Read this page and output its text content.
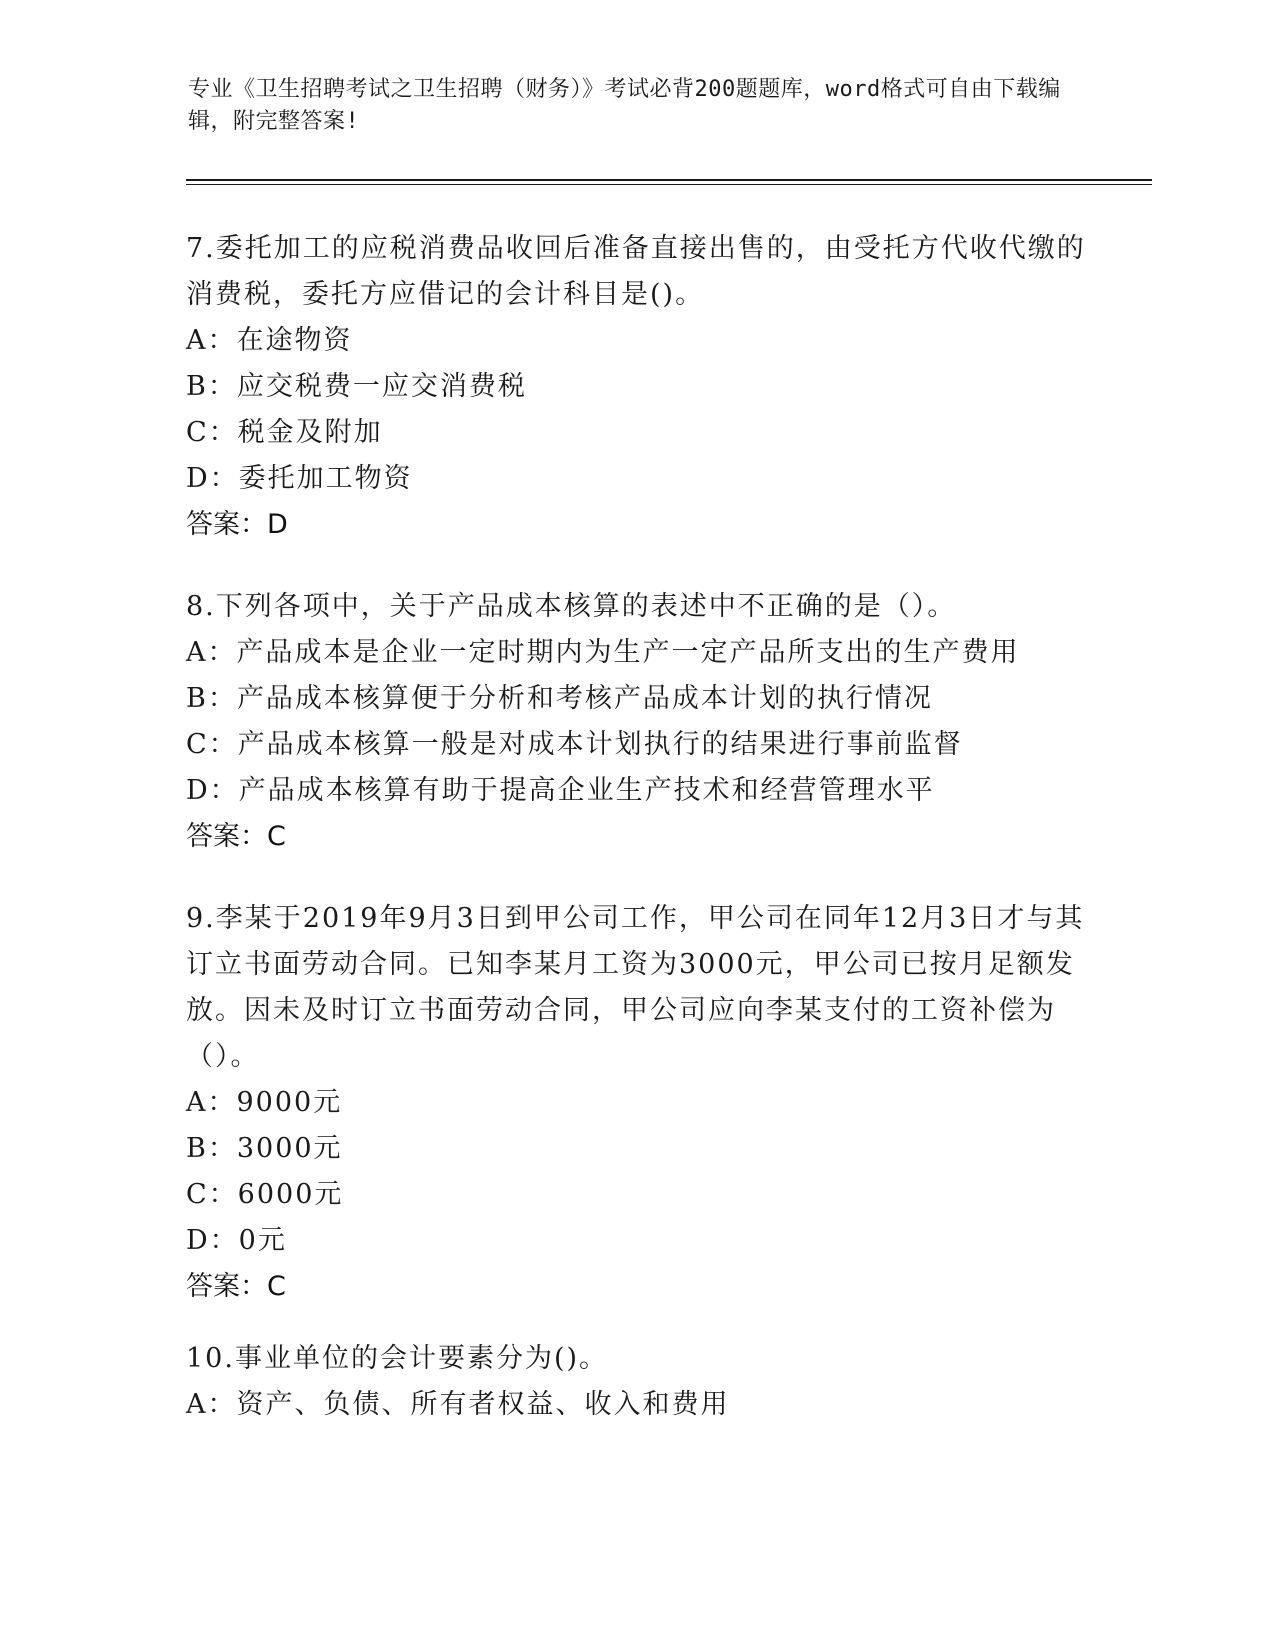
专业《卫生招聘考试之卫生招聘（财务）》考试必背200题题库，word格式可自由下载编辑，附完整答案!

7.委托加工的应税消费品收回后准备直接出售的，由受托方代收代缴的消费税，委托方应借记的会计科目是()。

A：在途物资

B：应交税费一应交消费税

C：税金及附加

D：委托加工物资

答案：D

8.下列各项中，关于产品成本核算的表述中不正确的是（）。

A：产品成本是企业一定时期内为生产一定产品所支出的生产费用

B：产品成本核算便于分析和考核产品成本计划的执行情况

C：产品成本核算一般是对成本计划执行的结果进行事前监督

D：产品成本核算有助于提高企业生产技术和经营管理水平

答案：C

9.李某于2019年9月3日到甲公司工作，甲公司在同年12月3日才与其订立书面劳动合同。已知李某月工资为3000元，甲公司已按月足额发放。因未及时订立书面劳动合同，甲公司应向李某支付的工资补偿为（）。

A：9000元

B：3000元

C：6000元

D：0元

答案：C

10.事业单位的会计要素分为()。

A：资产、负债、所有者权益、收入和费用
